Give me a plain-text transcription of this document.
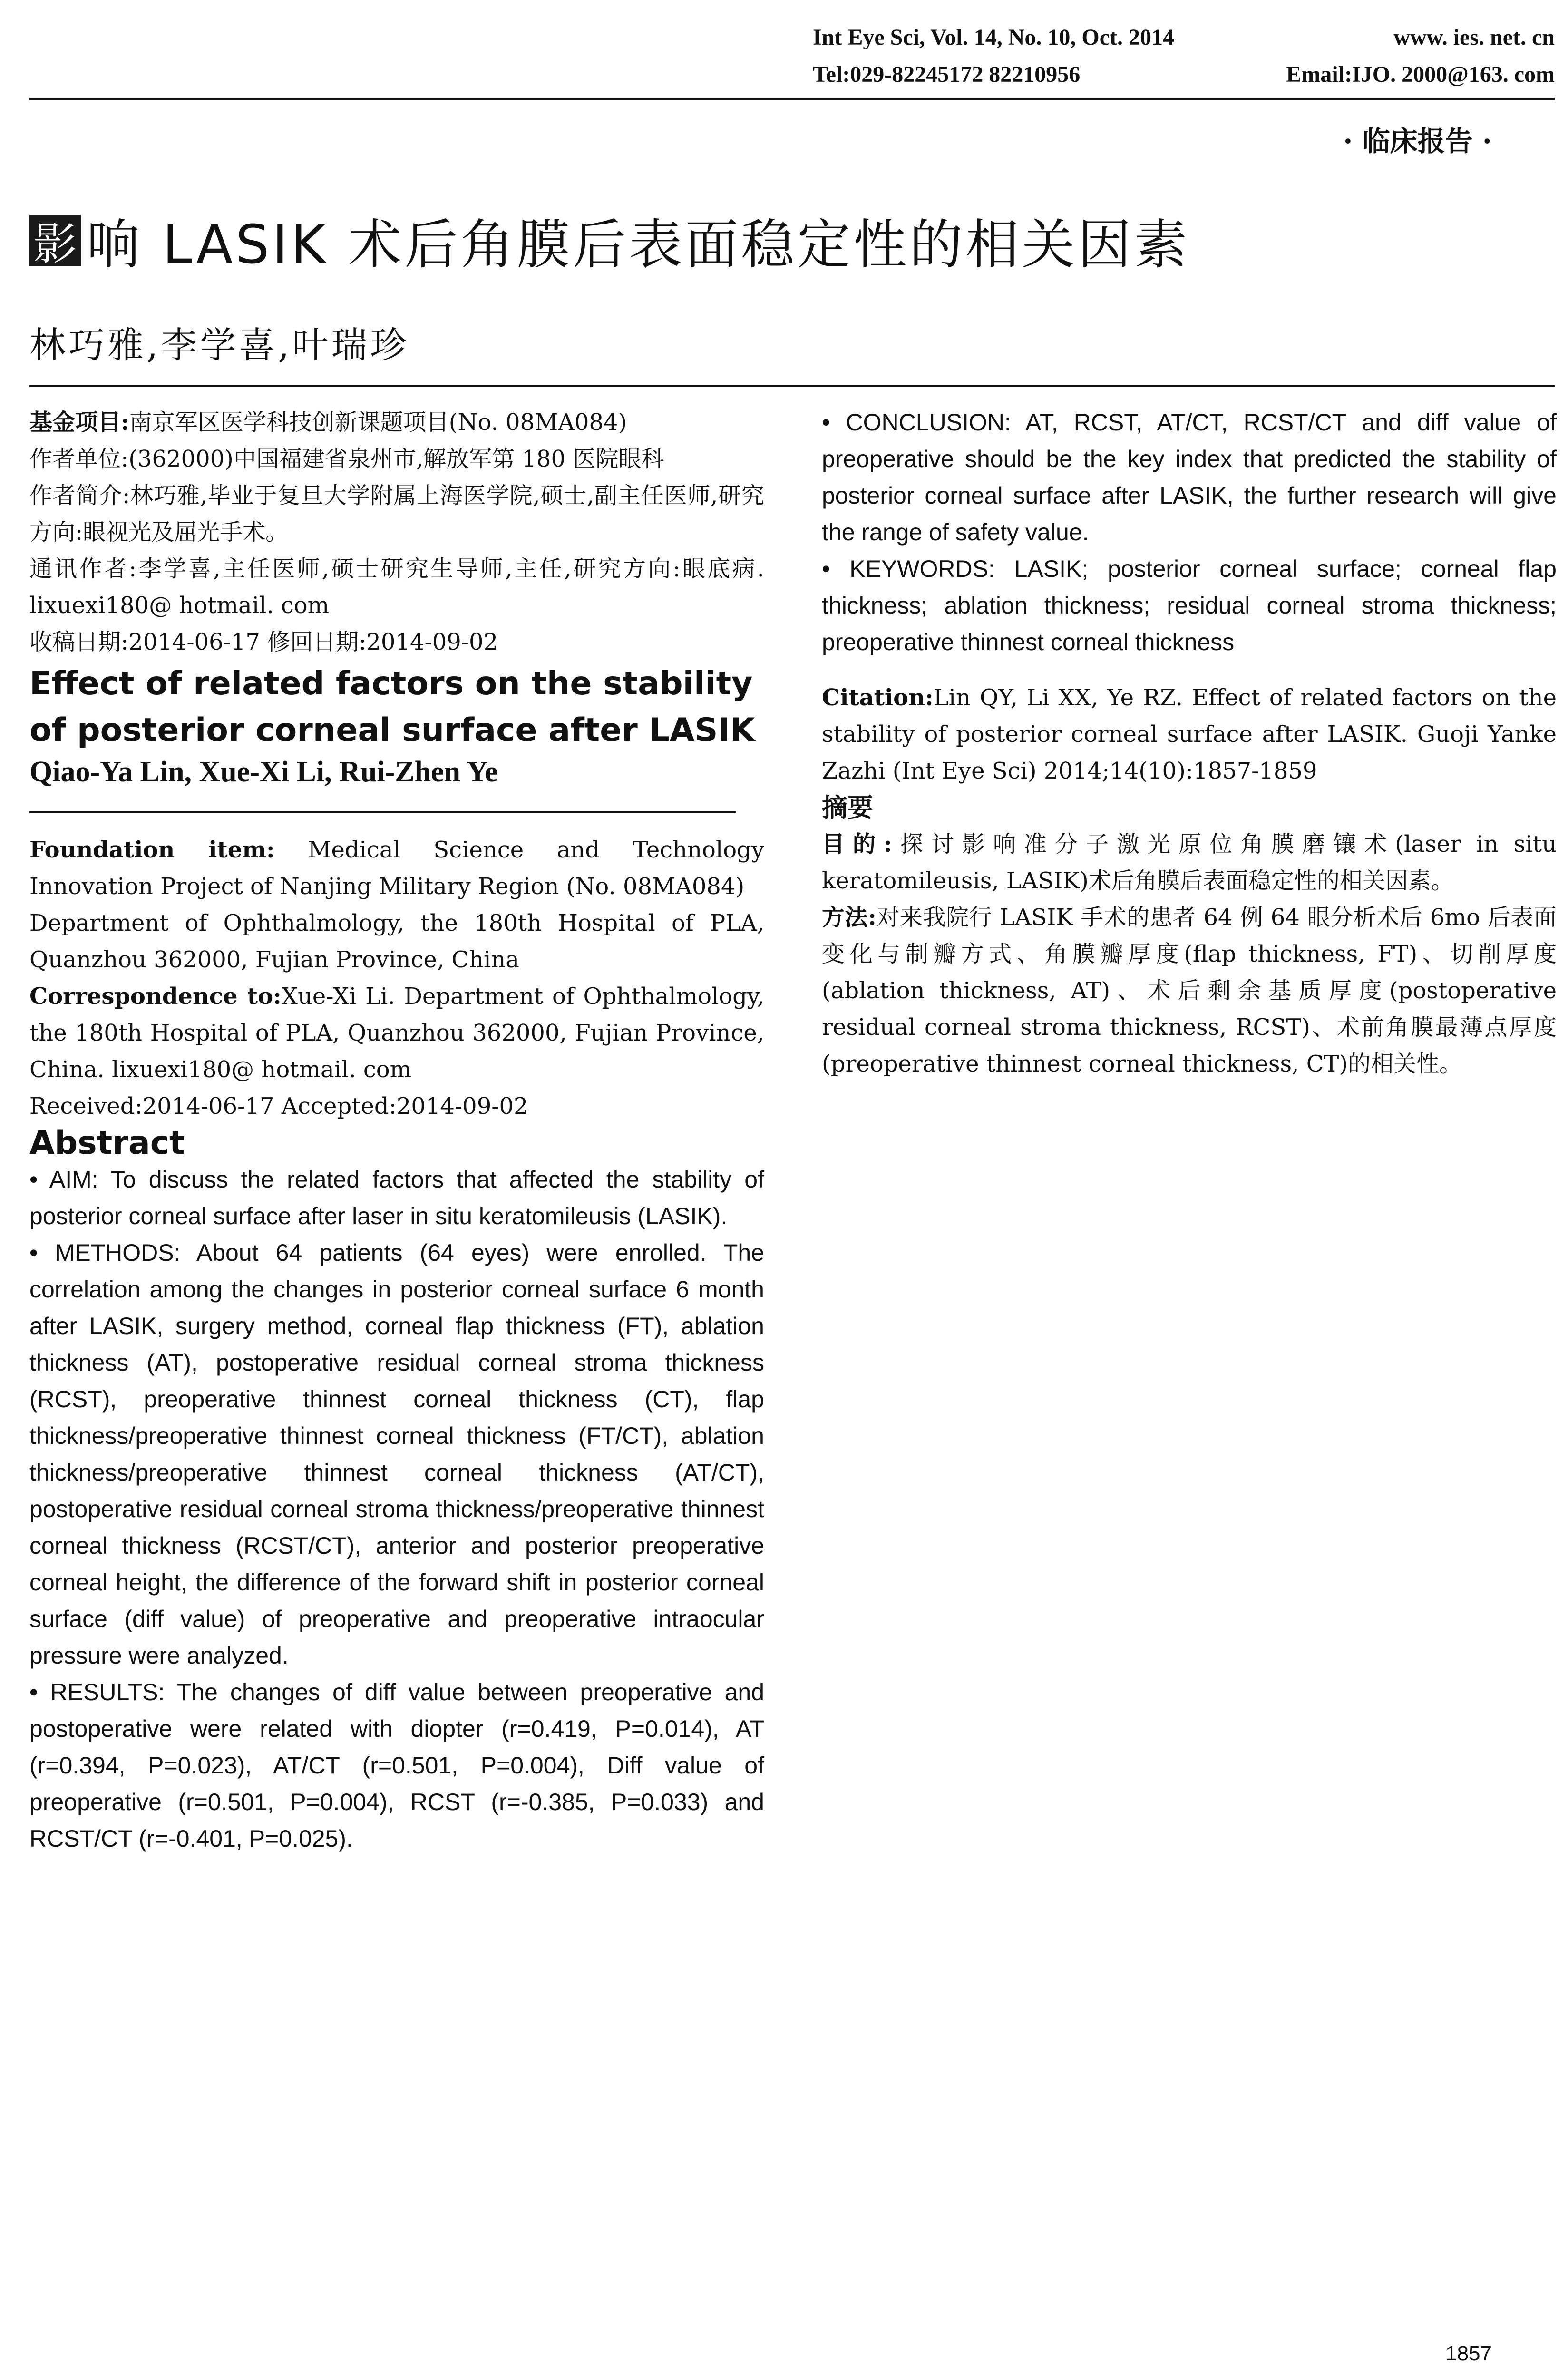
Int Eye Sci, Vol. 14, No. 10, Oct. 2014	www. ies. net. cn
Tel:029-82245172 82210956	Email:IJO. 2000@163. com
· 临床报告 ·
影 响 LASIK 术后角膜后表面稳定性的相关因素
林巧雅,李学喜,叶瑞珍

基金项目:南京军区医学科技创新课题项目(No. 08MA084)

作者单位:(362000)中国福建省泉州市,解放军第 180 医院眼科

作者简介:林巧雅,毕业于复旦大学附属上海医学院,硕士,副主任医师,研究方向:眼视光及屈光手术。

通讯作者:李学喜,主任医师,硕士研究生导师,主任,研究方向:眼底病. lixuexi180@ hotmail. com

收稿日期:2014-06-17 修回日期:2014-09-02

Effect of related factors on the stability of posterior corneal surface after LASIK

Qiao-Ya Lin, Xue-Xi Li, Rui-Zhen Ye

Foundation item: Medical Science and Technology Innovation Project of Nanjing Military Region (No. 08MA084)

Department of Ophthalmology, the 180th Hospital of PLA, Quanzhou 362000, Fujian Province, China

Correspondence to:Xue-Xi Li. Department of Ophthalmology, the 180th Hospital of PLA, Quanzhou 362000, Fujian Province, China. lixuexi180@ hotmail. com

Received:2014-06-17 Accepted:2014-09-02

Abstract

• AIM: To discuss the related factors that affected the stability of posterior corneal surface after laser in situ keratomileusis (LASIK).

• METHODS: About 64 patients (64 eyes) were enrolled. The correlation among the changes in posterior corneal surface 6 month after LASIK, surgery method, corneal flap thickness (FT), ablation thickness (AT), postoperative residual corneal stroma thickness (RCST), preoperative thinnest corneal thickness (CT), flap thickness/preoperative thinnest corneal thickness (FT/CT), ablation thickness/preoperative thinnest corneal thickness (AT/CT), postoperative residual corneal stroma thickness/preoperative thinnest corneal thickness (RCST/CT), anterior and posterior preoperative corneal height, the difference of the forward shift in posterior corneal surface (diff value) of preoperative and preoperative intraocular pressure were analyzed.

• RESULTS: The changes of diff value between preoperative and postoperative were related with diopter (r=0.419, P=0.014), AT (r=0.394, P=0.023), AT/CT (r=0.501, P=0.004), Diff value of preoperative (r=0.501, P=0.004), RCST (r=-0.385, P=0.033) and RCST/CT (r=-0.401, P=0.025).

• CONCLUSION: AT, RCST, AT/CT, RCST/CT and diff value of preoperative should be the key index that predicted the stability of posterior corneal surface after LASIK, the further research will give the range of safety value.

• KEYWORDS: LASIK; posterior corneal surface; corneal flap thickness; ablation thickness; residual corneal stroma thickness; preoperative thinnest corneal thickness

Citation:Lin QY, Li XX, Ye RZ. Effect of related factors on the stability of posterior corneal surface after LASIK. Guoji Yanke Zazhi (Int Eye Sci) 2014;14(10):1857-1859

摘要

目的:探讨影响准分子激光原位角膜磨镶术(laser in situ keratomileusis, LASIK)术后角膜后表面稳定性的相关因素。

方法:对来我院行 LASIK 手术的患者 64 例 64 眼分析术后 6mo 后表面变化与制瓣方式、角膜瓣厚度(flap thickness, FT)、切削厚度(ablation thickness, AT)、术后剩余基质厚度(postoperative residual corneal stroma thickness, RCST)、术前角膜最薄点厚度(preoperative thinnest corneal thickness, CT)的相关性。

1857
